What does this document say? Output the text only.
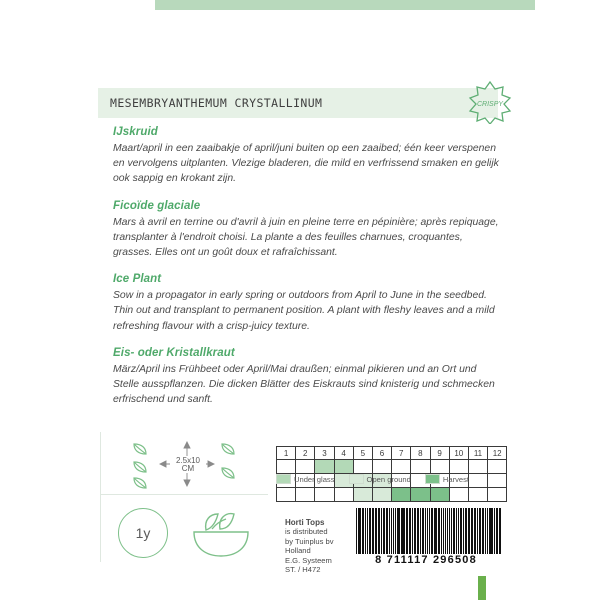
MESEMBRYANTHEMUM CRYSTALLINUM	CRISPY
IJskruid

Maart/april in een zaaibakje of april/juni buiten op een zaaibed; één keer verspenen en vervolgens uitplanten. Vlezige bladeren, die mild en verfrissend smaken en gelijk ook sappig en krokant zijn.

Ficoïde glaciale

Mars à avril en terrine ou d'avril à juin en pleine terre en pépinière; après repiquage, transplanter à l'endroit choisi. La plante a des feuilles charnues, croquantes, grasses. Elles ont un goût doux et rafraîchissant.

Ice Plant

Sow in a propagator in early spring or outdoors from April to June in the seedbed. Thin out and transplant to permanent position. A plant with fleshy leaves and a mild refreshing flavour with a crisp-juicy texture.

Eis- oder Kristallkraut

März/April ins Frühbeet oder April/Mai draußen; einmal pikieren und an Ort und Stelle ausspflanzen. Die dicken Blätter des Eiskrauts sind knisterig und schmecken erfrischend und sanft.

2.5x10
CM
1y
1	2	3	4	5	6	7	8	9	10	11	12

Under glass	Open ground	Harvest
Horti Tops
is distributed
by Tuinplus bv
Holland
E.G. Systeem
ST. / H472
8 711117 296508
